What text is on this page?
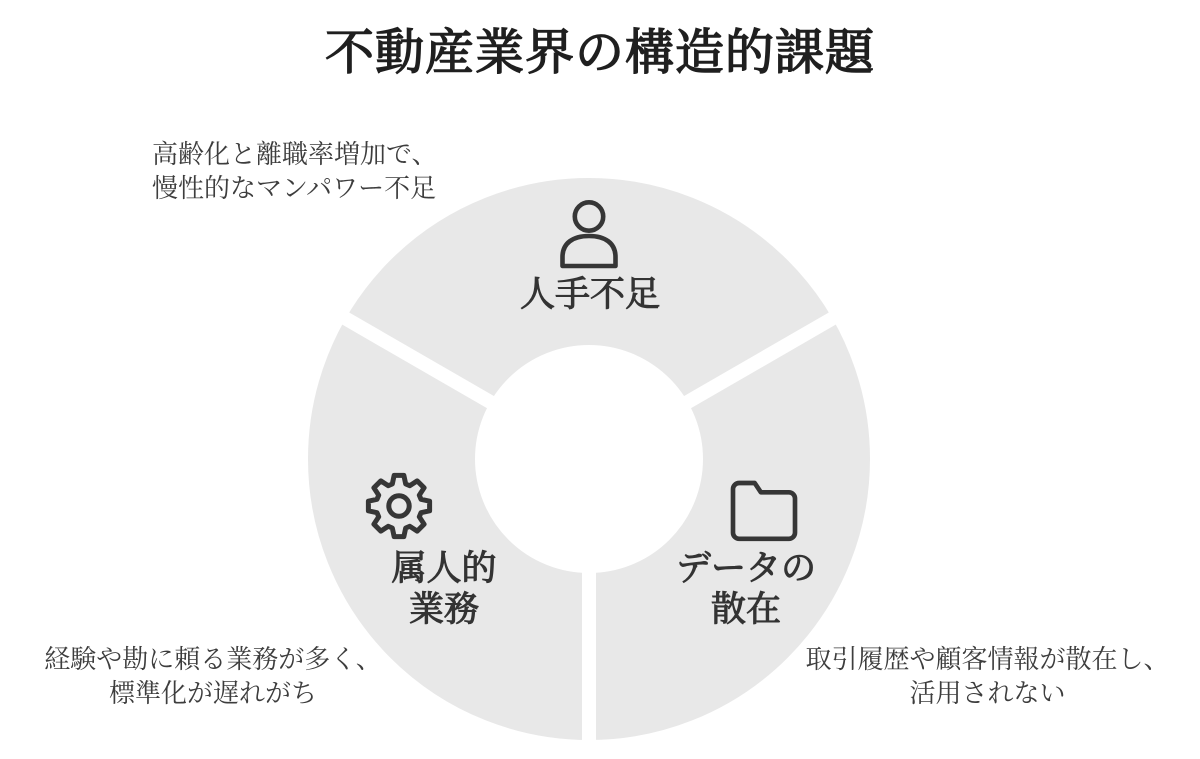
不動産業界の構造的課題
人手不足
属人的
業務
データの
散在
高齢化と離職率増加で、
慢性的なマンパワー不足
経験や勘に頼る業務が多く、
標準化が遅れがち
取引履歴や顧客情報が散在し、
活用されない
